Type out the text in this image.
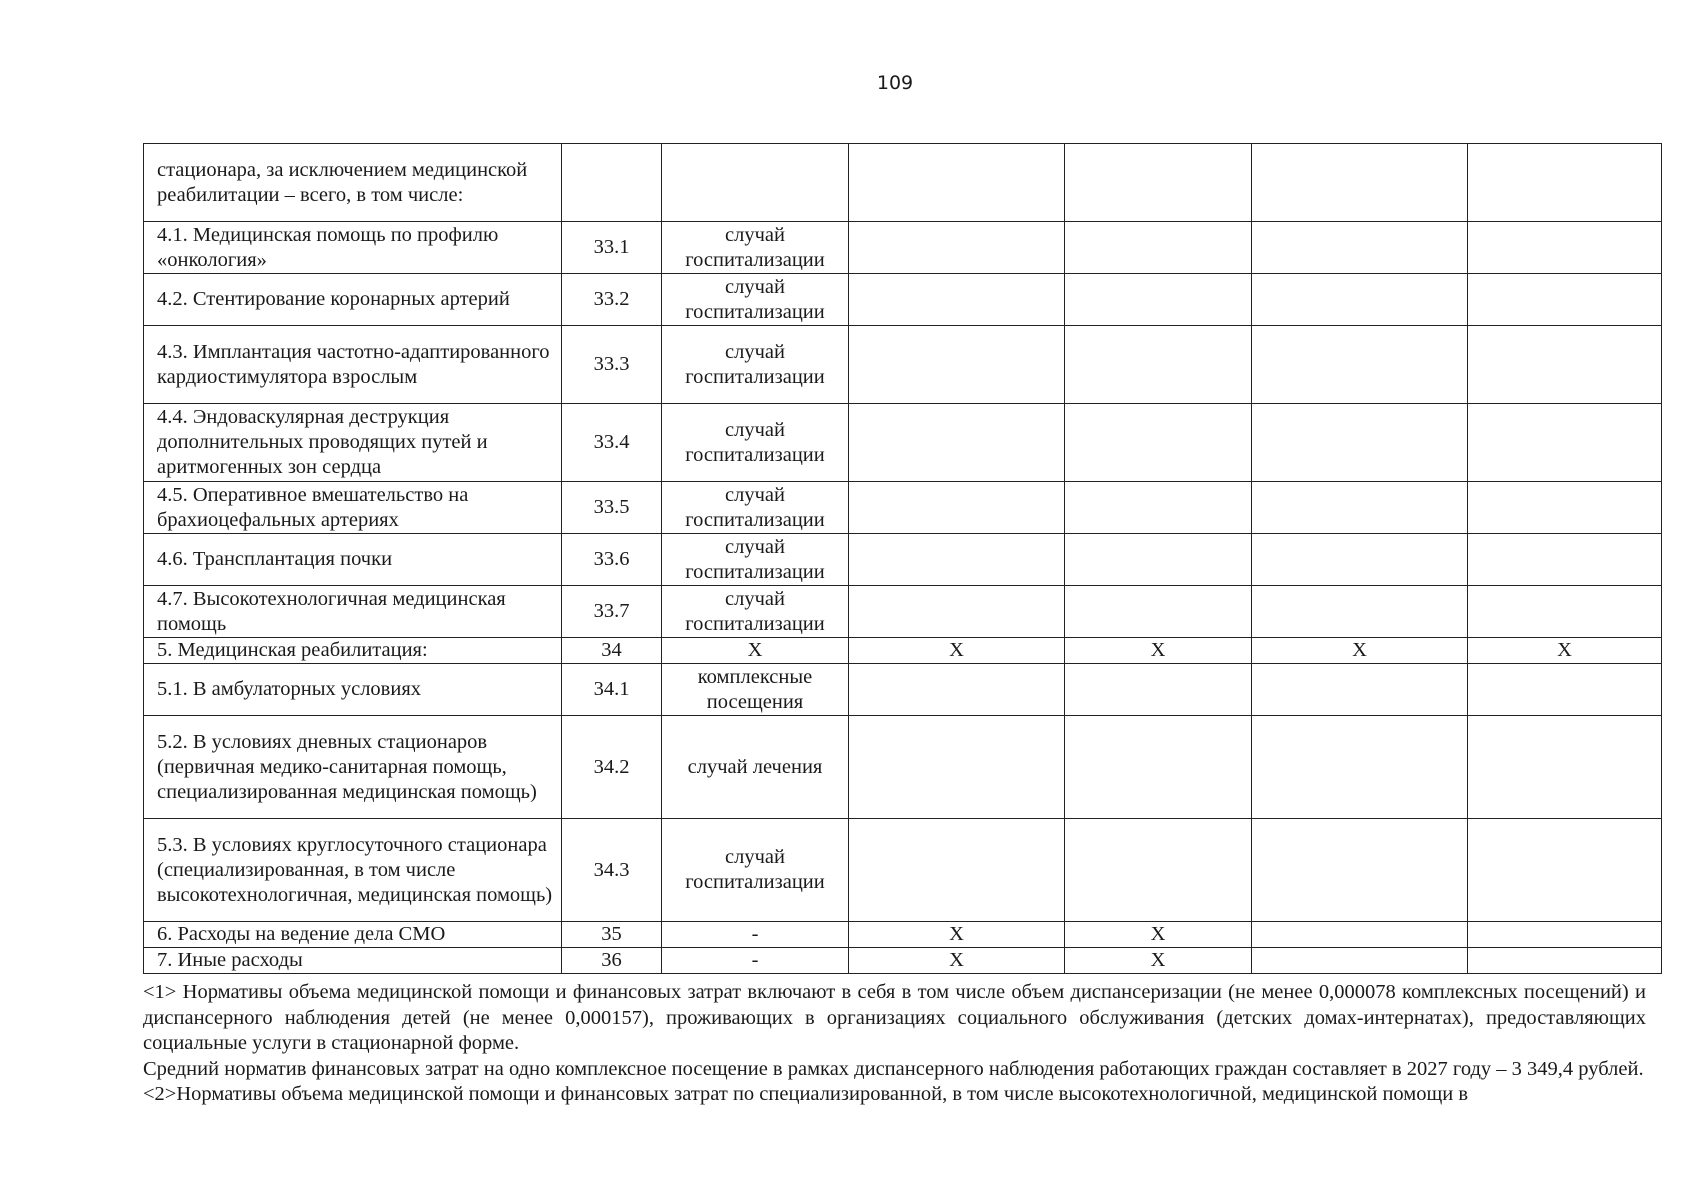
109
стационара, за исключением медицинской реабилитации – всего, в том числе:							
4.1. Медицинская помощь по профилю «онкология»	33.1	случай госпитализации					
4.2. Стентирование коронарных артерий	33.2	случай госпитализации					
4.3. Имплантация частотно-адаптированного кардиостимулятора взрослым	33.3	случай госпитализации					
4.4. Эндоваскулярная деструкция дополнительных проводящих путей и аритмогенных зон сердца	33.4	случай госпитализации					
4.5. Оперативное вмешательство на брахиоцефальных артериях	33.5	случай госпитализации					
4.6. Трансплантация почки	33.6	случай госпитализации					
4.7. Высокотехнологичная медицинская помощь	33.7	случай госпитализации					
5. Медицинская реабилитация:	34	Х	Х	Х	Х	Х	
5.1. В амбулаторных условиях	34.1	комплексные посещения					
5.2. В условиях дневных стационаров (первичная медико-санитарная помощь, специализированная медицинская помощь)	34.2	случай лечения					
5.3. В условиях круглосуточного стационара (специализированная, в том числе высокотехнологичная, медицинская помощь)	34.3	случай госпитализации					
6. Расходы на ведение дела СМО	35	-	Х	Х			
7. Иные расходы	36	-	Х	Х			

<1> Нормативы объема медицинской помощи и финансовых затрат включают в себя в том числе объем диспансеризации (не менее 0,000078 комплексных посещений) и диспансерного наблюдения детей (не менее 0,000157), проживающих в организациях социального обслуживания (детских домах-интернатах), предоставляющих социальные услуги в стационарной форме.

Средний норматив финансовых затрат на одно комплексное посещение в рамках диспансерного наблюдения работающих граждан составляет в 2027 году – 3 349,4 рублей.

<2>Нормативы объема медицинской помощи и финансовых затрат по специализированной, в том числе высокотехнологичной, медицинской помощи в
